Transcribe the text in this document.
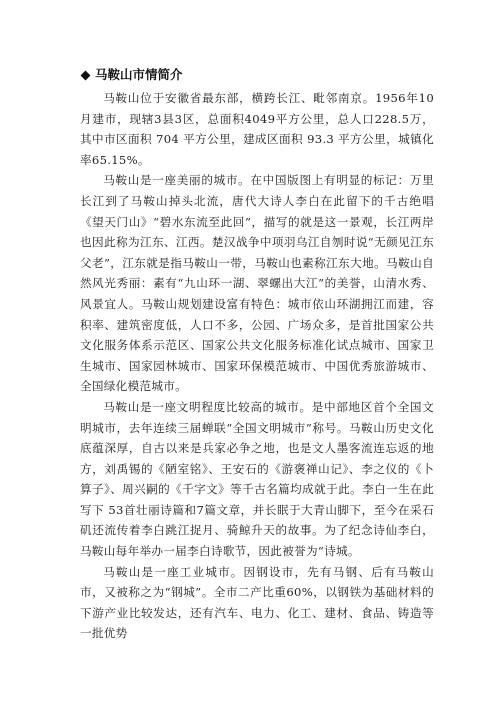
马鞍山市情简介

马鞍山位于安徽省最东部，横跨长江、毗邻南京。1956年10月建市，现辖3县3区，总面积4049平方公里，总人口228.5万，其中市区面积 704 平方公里，建成区面积 93.3 平方公里，城镇化率65.15%。

马鞍山是一座美丽的城市。在中国版图上有明显的标记：万里长江到了马鞍山掉头北流，唐代大诗人李白在此留下的千古绝唱《望天门山》“碧水东流至此回”，描写的就是这一景观，长江两岸也因此称为江东、江西。楚汉战争中项羽乌江自刎时说“无颜见江东父老”，江东就是指马鞍山一带，马鞍山也素称江东大地。马鞍山自然风光秀丽：素有“九山环一湖、翠螺出大江”的美誉，山清水秀、风景宜人。马鞍山规划建设富有特色：城市依山环湖拥江而建，容积率、建筑密度低，人口不多，公园、广场众多，是首批国家公共文化服务体系示范区、国家公共文化服务标准化试点城市、国家卫生城市、国家园林城市、国家环保模范城市、中国优秀旅游城市、全国绿化模范城市。

马鞍山是一座文明程度比较高的城市。是中部地区首个全国文明城市，去年连续三届蝉联“全国文明城市”称号。马鞍山历史文化底蕴深厚，自古以来是兵家必争之地，也是文人墨客流连忘返的地方，刘禹锡的《陋室铭》、王安石的《游褒禅山记》、李之仪的《卜算子》、周兴嗣的《千字文》等千古名篇均成就于此。李白一生在此写下 53首壮丽诗篇和7篇文章，并长眠于大青山脚下，至今在采石矶还流传着李白跳江捉月、骑鲸升天的故事。为了纪念诗仙李白，马鞍山每年举办一届李白诗歌节，因此被誉为“诗城。

马鞍山是一座工业城市。因钢设市，先有马钢、后有马鞍山市，又被称之为“钢城”。全市二产比重60%，以钢铁为基础材料的下游产业比较发达，还有汽车、电力、化工、建材、食品、铸造等一批优势
